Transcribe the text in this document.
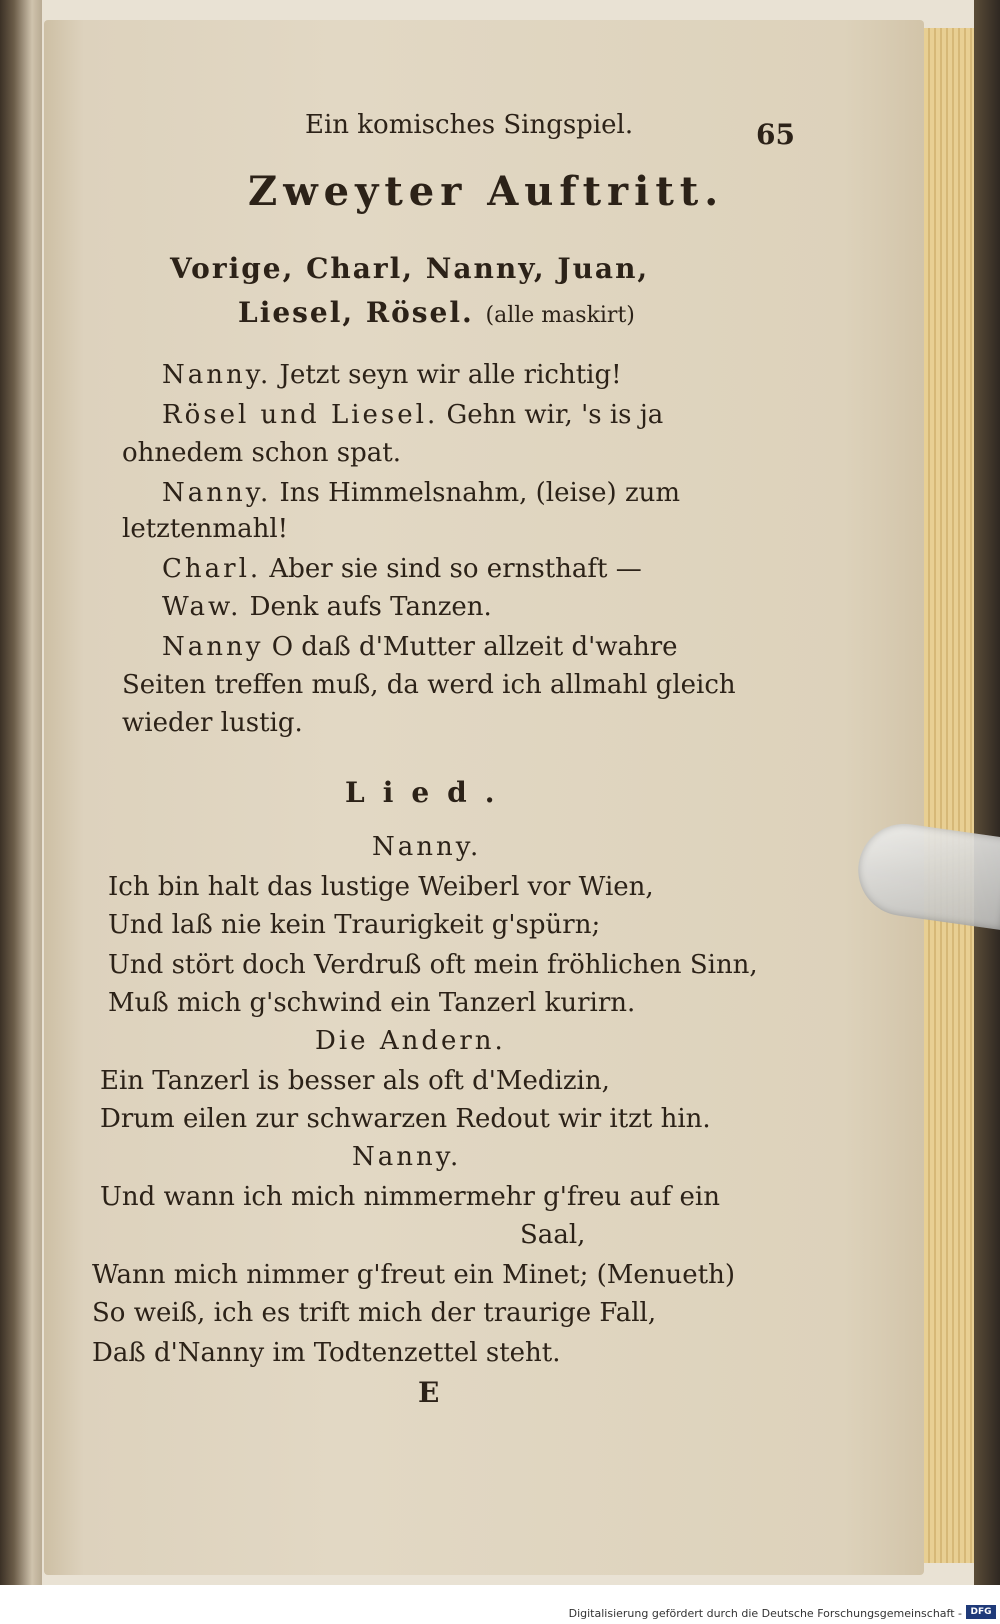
Ein komisches Singspiel.	65

Zweyter Auftritt.

Vorige, Charl, Nanny, Juan,

Liesel, Rösel. (alle maskirt)

Nanny. Jetzt seyn wir alle richtig!

Rösel und Liesel. Gehn wir, 's is ja

ohnedem schon spat.

Nanny. Ins Himmelsnahm, (leise) zum

letztenmahl!

Charl. Aber sie sind so ernsthaft —

Waw. Denk aufs Tanzen.

Nanny O daß d'Mutter allzeit d'wahre

Seiten treffen muß, da werd ich allmahl gleich

wieder lustig.

Lied.

Nanny.

Ich bin halt das lustige Weiberl vor Wien,

Und laß nie kein Traurigkeit g'spürn;

Und stört doch Verdruß oft mein fröhlichen Sinn,

Muß mich g'schwind ein Tanzerl kurirn.

Die Andern.

Ein Tanzerl is besser als oft d'Medizin,

Drum eilen zur schwarzen Redout wir itzt hin.

Nanny.

Und wann ich mich nimmermehr g'freu auf ein

Saal,

Wann mich nimmer g'freut ein Minet; (Menueth)

So weiß, ich es trift mich der traurige Fall,

Daß d'Nanny im Todtenzettel steht.

E

Digitalisierung gefördert durch die Deutsche Forschungsgemeinschaft - DFG
